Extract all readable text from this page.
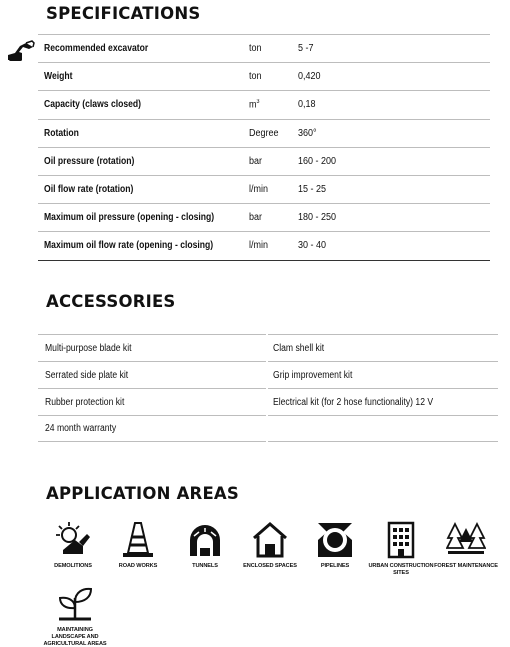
SPECIFICATIONS
Recommended excavator	ton	5 -7
Weight	ton	0,420
Capacity (claws closed)	$m^3$	0,18
Rotation	Degree	360°
Oil pressure (rotation)	bar	160 - 200
Oil flow rate (rotation)	l/min	15 - 25
Maximum oil pressure (opening - closing)	bar	180 - 250
Maximum oil flow rate (opening - closing)	l/min	30 - 40
ACCESSORIES
Multi-purpose blade kit	Clam shell kit
Serrated side plate kit	Grip improvement kit
Rubber protection kit	Electrical kit (for 2 hose functionality) 12 V
24 month warranty
APPLICATION AREAS
DEMOLITIONS	ROAD WORKS	TUNNELS	ENCLOSED SPACES	PIPELINES	URBAN CONSTRUCTION SITES
FOREST MAINTENANCE
MAINTAINING LANDSCAPE AND AGRICULTURAL AREAS
